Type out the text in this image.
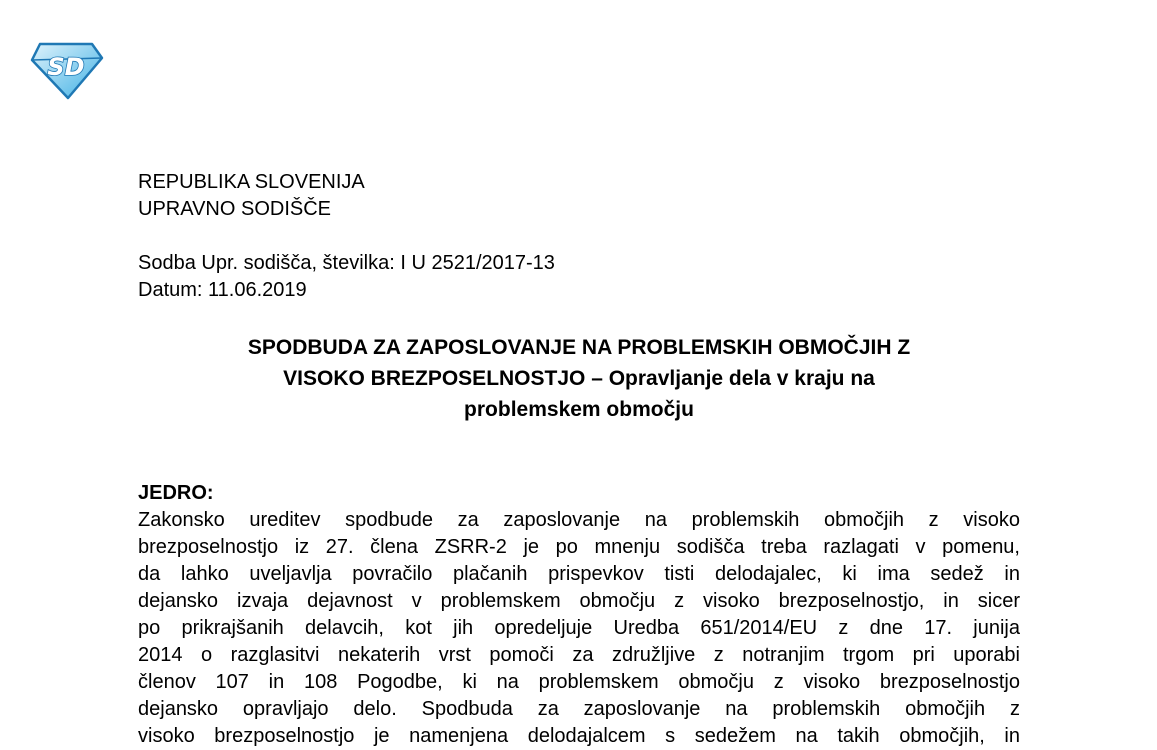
SD
REPUBLIKA SLOVENIJA
UPRAVNO SODIŠČE
Sodba Upr. sodišča, številka: I U 2521/2017-13
Datum: 11.06.2019
SPODBUDA ZA ZAPOSLOVANJE NA PROBLEMSKIH OBMOČJIH Z
VISOKO BREZPOSELNOSTJO – Opravljanje dela v kraju na
problemskem območju
JEDRO:
Zakonsko ureditev spodbude za zaposlovanje na problemskih območjih z visoko
brezposelnostjo iz 27. člena ZSRR-2 je po mnenju sodišča treba razlagati v pomenu,
da lahko uveljavlja povračilo plačanih prispevkov tisti delodajalec, ki ima sedež in
dejansko izvaja dejavnost v problemskem območju z visoko brezposelnostjo, in sicer
po prikrajšanih delavcih, kot jih opredeljuje Uredba 651/2014/EU z dne 17. junija
2014 o razglasitvi nekaterih vrst pomoči za združljive z notranjim trgom pri uporabi
členov 107 in 108 Pogodbe, ki na problemskem območju z visoko brezposelnostjo
dejansko opravljajo delo. Spodbuda za zaposlovanje na problemskih območjih z
visoko brezposelnostjo je namenjena delodajalcem s sedežem na takih območjih, in
